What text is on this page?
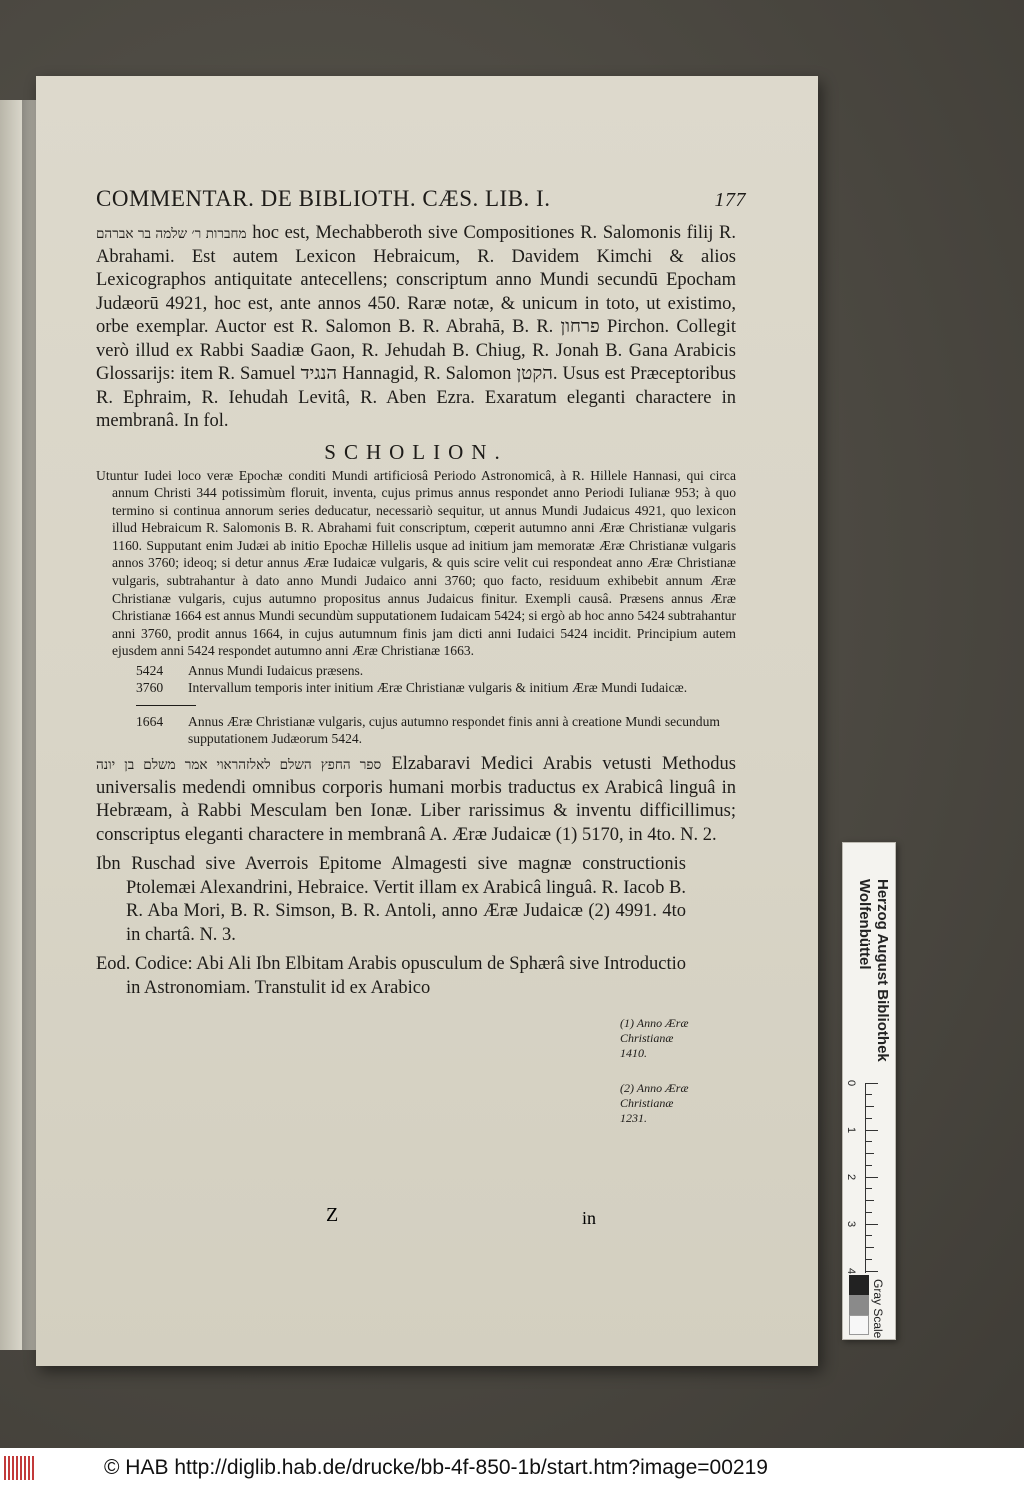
COMMENTAR. DE BIBLIOTH. CÆS. LIB. I.	177
מחברות ר׳ שלמה בר אברהם hoc est, Mechabberoth sive Compositiones R. Salomonis filij R. Abrahami. Est autem Lexicon Hebraicum, R. Davidem Kimchi & alios Lexicographos antiquitate antecellens; conscriptum anno Mundi secundū Epocham Judæorū 4921, hoc est, ante annos 450. Raræ notæ, & unicum in toto, ut existimo, orbe exemplar. Auctor est R. Salomon B. R. Abrahā, B. R. פרחון Pirchon. Collegit verò illud ex Rabbi Saadiæ Gaon, R. Jehudah B. Chiug, R. Jonah B. Gana Arabicis Glossarijs: item R. Samuel הנגיד Hannagid, R. Salomon הקטן. Usus est Præceptoribus R. Ephraim, R. Iehudah Levitâ, R. Aben Ezra. Exaratum eleganti charactere in membranâ. In fol.
SCHOLION.
Utuntur Iudei loco veræ Epochæ conditi Mundi artificiosâ Periodo Astronomicâ, à R. Hillele Hannasi, qui circa annum Christi 344 potissimùm floruit, inventa, cujus primus annus respondet anno Periodi Iulianæ 953; à quo termino si continua annorum series deducatur, necessariò sequitur, ut annus Mundi Judaicus 4921, quo lexicon illud Hebraicum R. Salomonis B. R. Abrahami fuit conscriptum, cœperit autumno anni Æræ Christianæ vulgaris 1160. Supputant enim Judæi ab initio Epochæ Hillelis usque ad initium jam memoratæ Æræ Christianæ vulgaris annos 3760; ideoq; si detur annus Æræ Iudaicæ vulgaris, & quis scire velit cui respondeat anno Æræ Christianæ vulgaris, subtrahantur à dato anno Mundi Judaico anni 3760; quo facto, residuum exhibebit annum Æræ Christianæ vulgaris, cujus autumno propositus annus Judaicus finitur. Exempli causâ. Præsens annus Æræ Christianæ 1664 est annus Mundi secundùm supputationem Iudaicam 5424; si ergò ab hoc anno 5424 subtrahantur anni 3760, prodit annus 1664, in cujus autumnum finis jam dicti anni Iudaici 5424 incidit. Principium autem ejusdem anni 5424 respondet autumno anni Æræ Christianæ 1663.
5424	Annus Mundi Iudaicus præsens.
3760	Intervallum temporis inter initium Æræ Christianæ vulgaris & initium Æræ Mundi Iudaicæ.
1664	Annus Æræ Christianæ vulgaris, cujus autumno respondet finis anni à creatione Mundi secundum supputationem Judæorum 5424.
ספר החפץ השלם לאלזהראוי אמר משלם בן יונה Elzabaravi Medici Arabis vetusti Methodus universalis medendi omnibus corporis humani morbis traductus ex Arabicâ linguâ in Hebræam, à Rabbi Mesculam ben Ionæ. Liber rarissimus & inventu difficillimus; conscriptus eleganti charactere in membranâ A. Æræ Judaicæ (1) 5170, in 4to. N. 2.
Ibn Ruschad sive Averrois Epitome Almagesti sive magnæ constructionis Ptolemæi Alexandrini, Hebraice. Vertit illam ex Arabicâ linguâ. R. Iacob B. R. Aba Mori, B. R. Simson, B. R. Antoli, anno Æræ Judaicæ (2) 4991. 4to in chartâ. N. 3.
Eod. Codice: Abi Ali Ibn Elbitam Arabis opusculum de Sphærâ sive Introductio in Astronomiam. Transtulit id ex Arabico
(1) Anno Æræ Christianæ 1410.
(2) Anno Æræ Christianæ 1231.
Z	in
Herzog August Bibliothek Wolfenbüttel
0
1
2
3
4
Gray Scale
© HAB http://diglib.hab.de/drucke/bb-4f-850-1b/start.htm?image=00219
